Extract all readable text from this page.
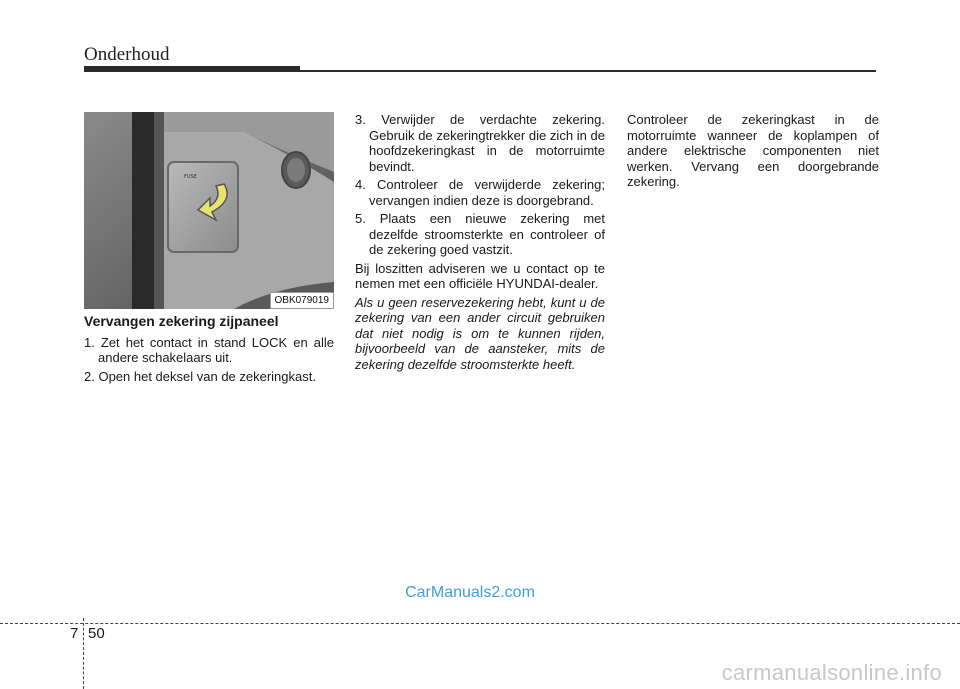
Onderhoud
FUSE
OBK079019

Vervangen zekering zijpaneel

1. Zet het contact in stand LOCK en alle andere schakelaars uit.
2. Open het deksel van de zekeringkast.
3. Verwijder de verdachte zekering. Gebruik de zekeringtrekker die zich in de hoofdzekeringkast in de motorruimte bevindt.
4. Controleer de verwijderde zekering; vervangen indien deze is doorgebrand.
5. Plaats een nieuwe zekering met dezelfde stroomsterkte en controleer of de zekering goed vastzit.

Bij loszitten adviseren we u contact op te nemen met een officiële HYUNDAI-dealer.

Als u geen reservezekering hebt, kunt u de zekering van een ander circuit gebruiken dat niet nodig is om te kunnen rijden, bijvoorbeeld van de aansteker, mits de zekering dezelfde stroomsterkte heeft.

Controleer de zekeringkast in de motorruimte wanneer de koplampen of andere elektrische componenten niet werken. Vervang een doorgebrande zekering.

CarManuals2.com
7 50
carmanualsonline.info
